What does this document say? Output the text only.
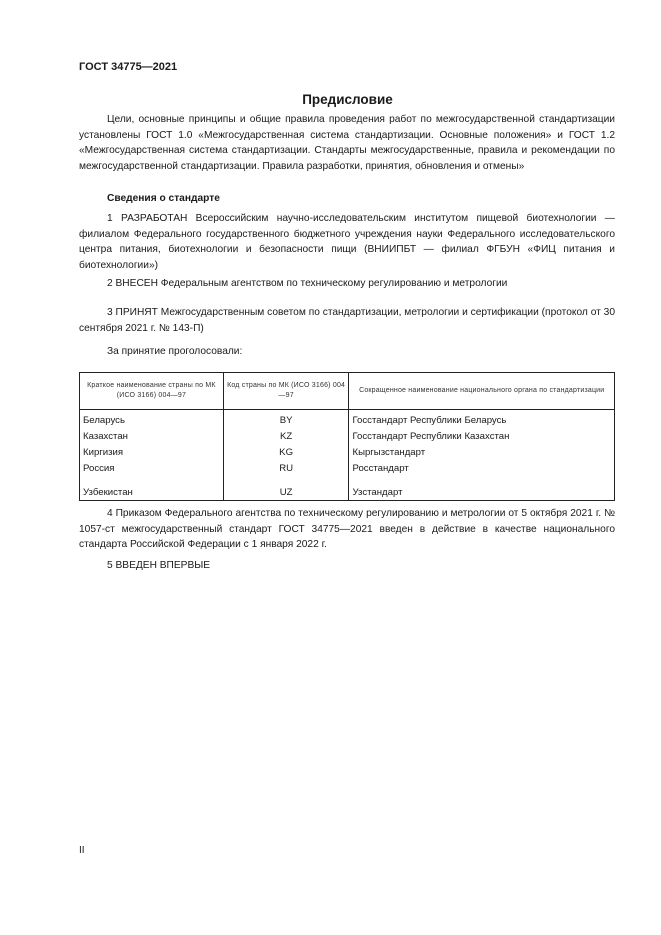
ГОСТ 34775—2021
Предисловие

Цели, основные принципы и общие правила проведения работ по межгосударственной стандартизации установлены ГОСТ 1.0 «Межгосударственная система стандартизации. Основные положения» и ГОСТ 1.2 «Межгосударственная система стандартизации. Стандарты межгосударственные, правила и рекомендации по межгосударственной стандартизации. Правила разработки, принятия, обновления и отмены»

Сведения о стандарте

1 РАЗРАБОТАН Всероссийским научно-исследовательским институтом пищевой биотехнологии — филиалом Федерального государственного бюджетного учреждения науки Федерального исследовательского центра питания, биотехнологии и безопасности пищи (ВНИИПБТ — филиал ФГБУН «ФИЦ питания и биотехнологии»)

2 ВНЕСЕН Федеральным агентством по техническому регулированию и метрологии

3 ПРИНЯТ Межгосударственным советом по стандартизации, метрологии и сертификации (протокол от 30 сентября 2021 г. № 143-П)

За принятие проголосовали:
Краткое наименование страны по МК (ИСО 3166) 004—97	Код страны по МК (ИСО 3166) 004—97	Сокращенное наименование национального органа по стандартизации
Беларусь	BY	Госстандарт Республики Беларусь
Казахстан	KZ	Госстандарт Республики Казахстан
Киргизия	KG	Кыргызстандарт
Россия	RU	Росстандарт
Узбекистан	UZ	Узстандарт

4 Приказом Федерального агентства по техническому регулированию и метрологии от 5 октября 2021 г. № 1057-ст межгосударственный стандарт ГОСТ 34775—2021 введен в действие в качестве национального стандарта Российской Федерации с 1 января 2022 г.

5 ВВЕДЕН ВПЕРВЫЕ

II
